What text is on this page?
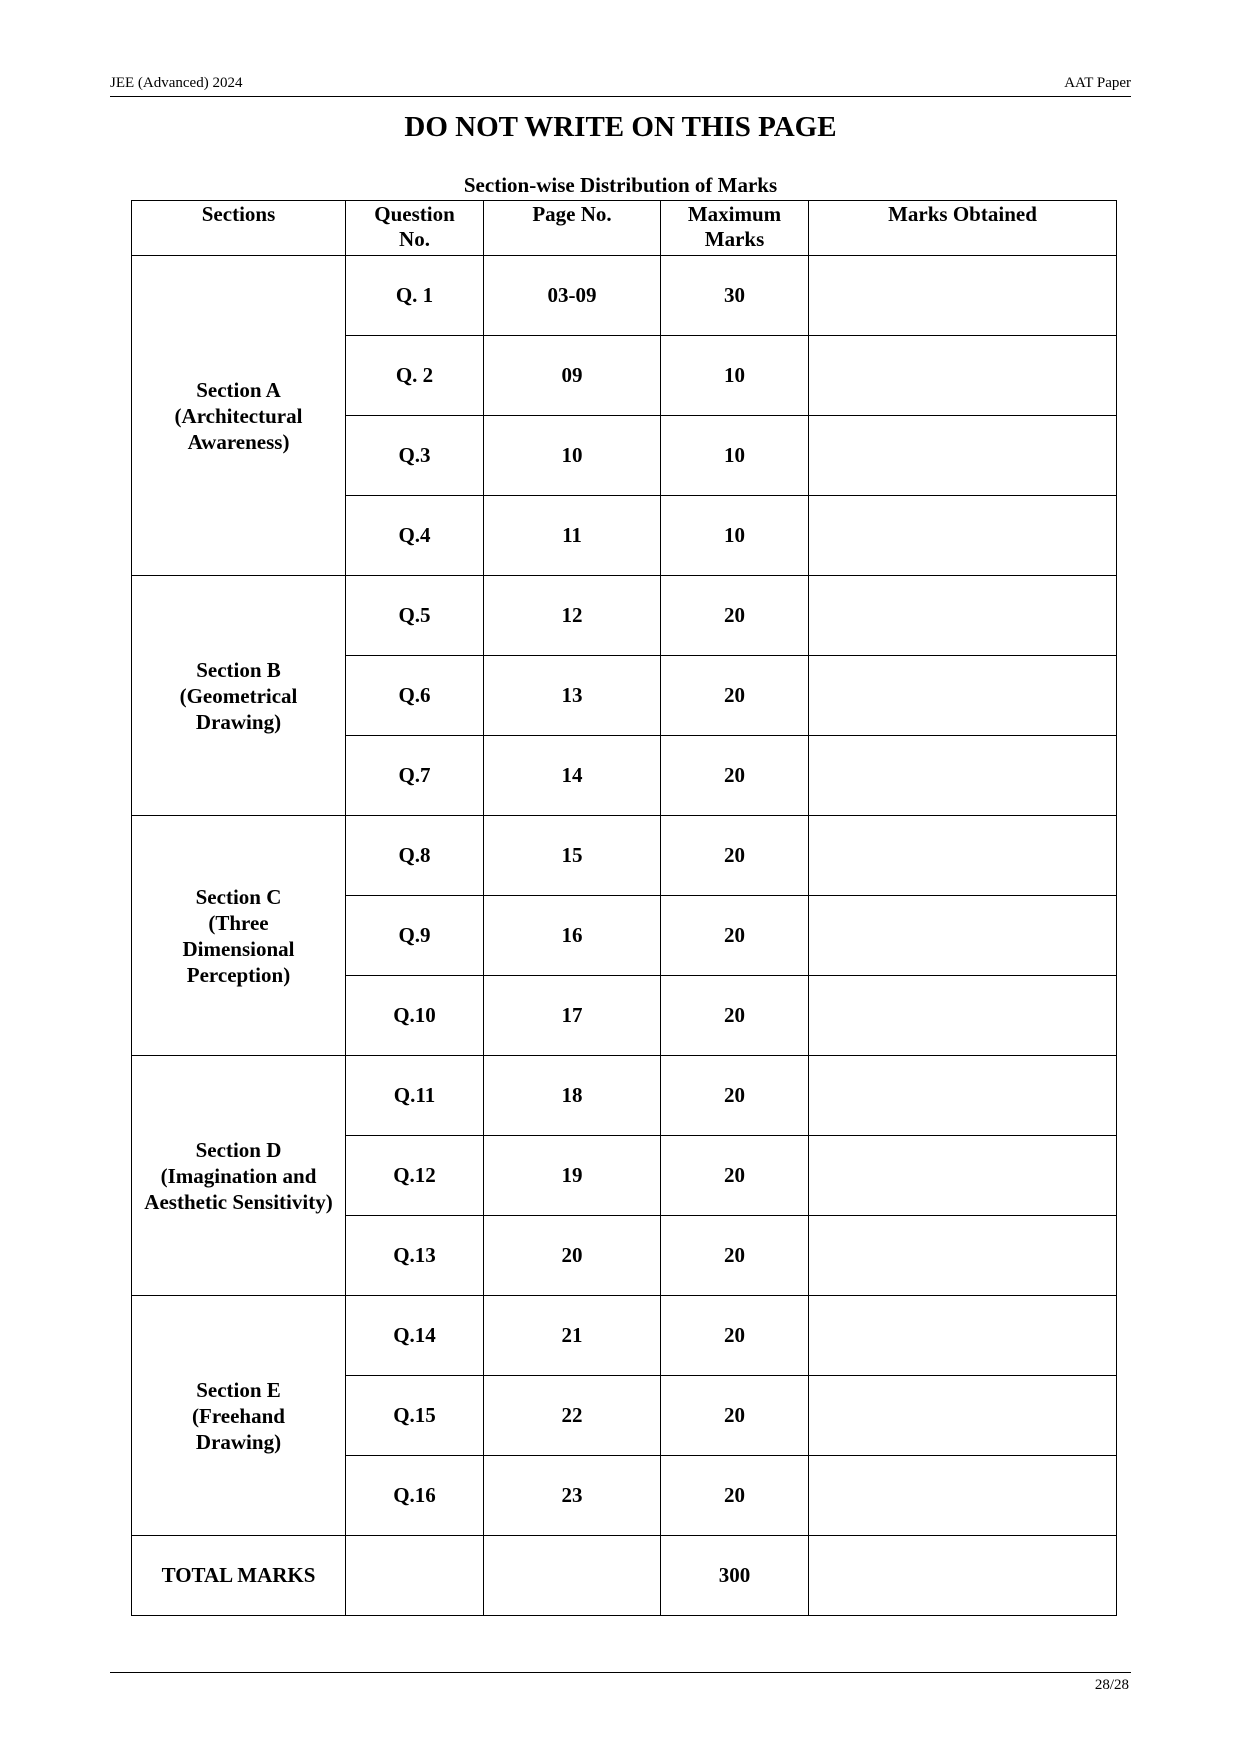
JEE (Advanced) 2024	AAT Paper
DO NOT WRITE ON THIS PAGE
Section-wise Distribution of Marks
Sections	Question No.	Page No.	Maximum Marks	Marks Obtained
Section A (Architectural Awareness)	Q. 1	03-09	30	
	Q. 2	09	10	
	Q.3	10	10	
	Q.4	11	10	
Section B (Geometrical Drawing)	Q.5	12	20	
	Q.6	13	20	
	Q.7	14	20	
Section C (Three Dimensional Perception)	Q.8	15	20	
	Q.9	16	20	
	Q.10	17	20	
Section D (Imagination and Aesthetic Sensitivity)	Q.11	18	20	
	Q.12	19	20	
	Q.13	20	20	
Section E (Freehand Drawing)	Q.14	21	20	
	Q.15	22	20	
	Q.16	23	20	
TOTAL MARKS			300	
28/28
